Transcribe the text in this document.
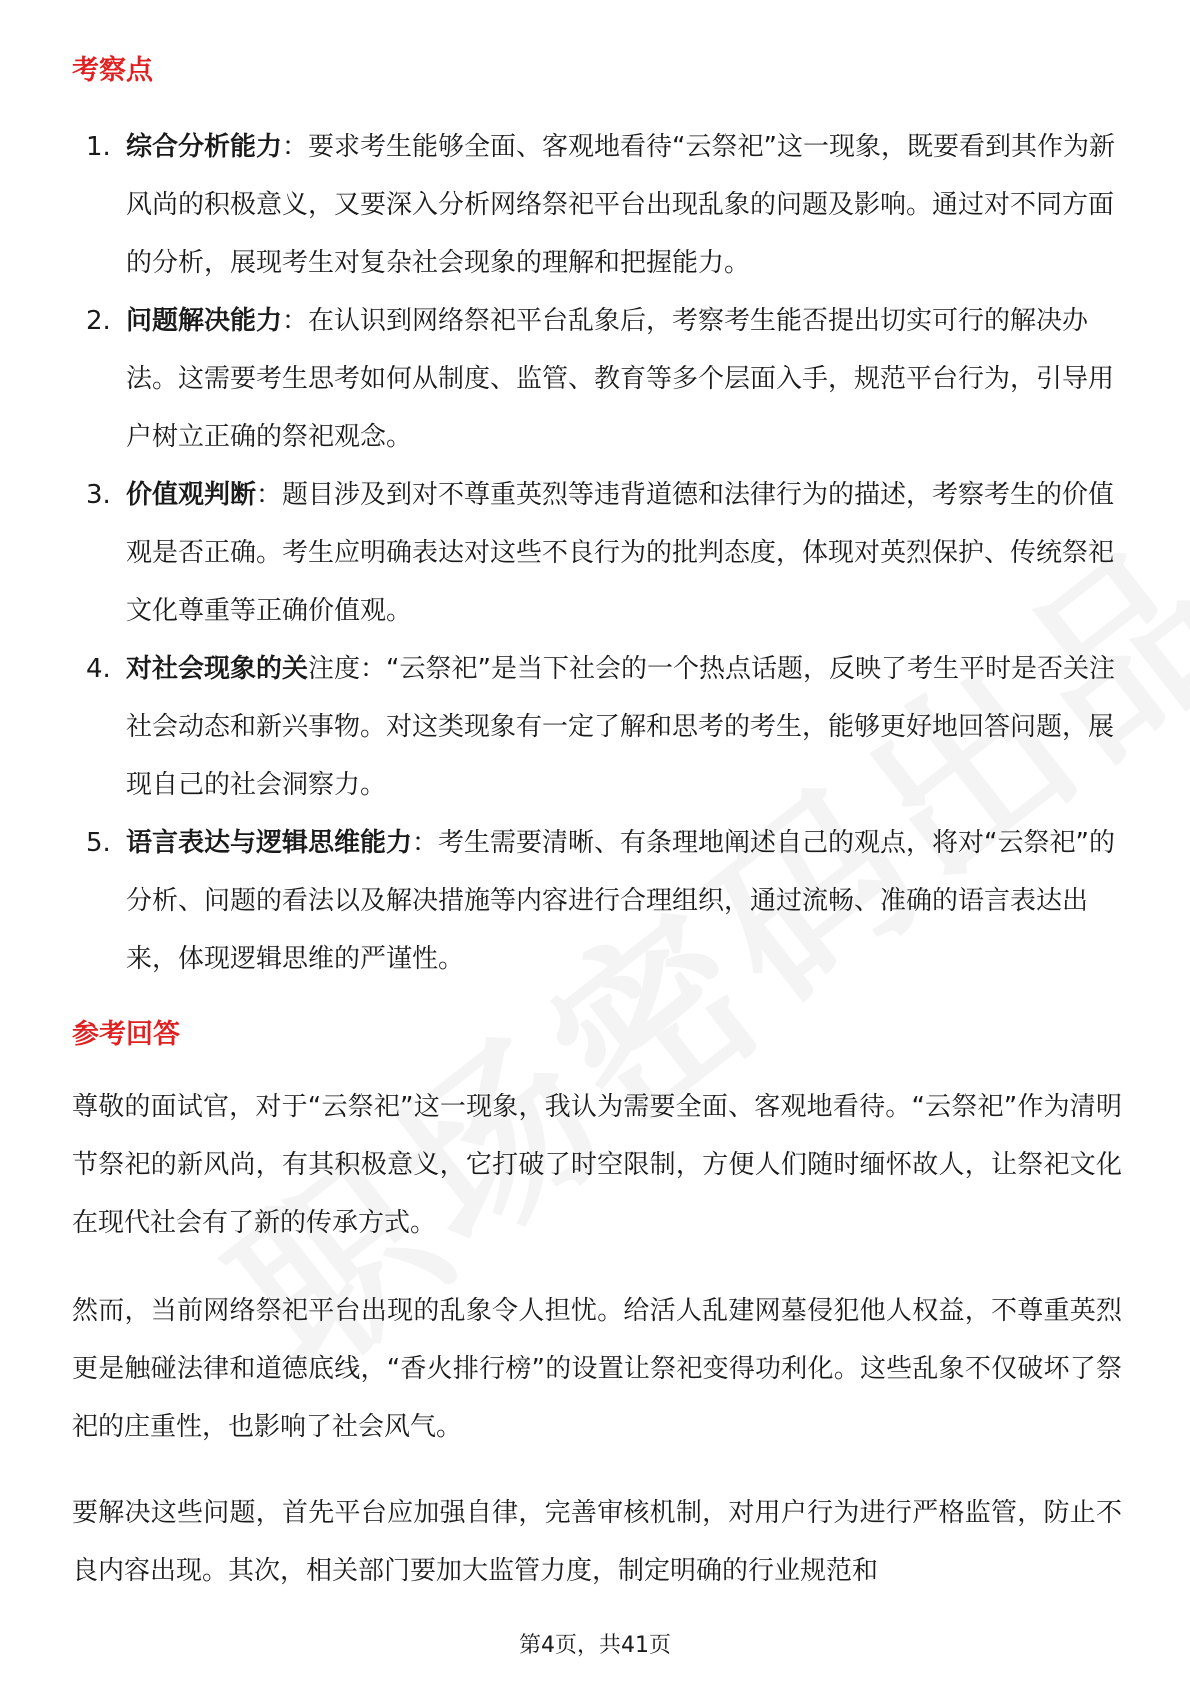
考察点
1. 综合分析能力：要求考生能够全面、客观地看待“云祭祀”这一现象，既要看到其作为新风尚的积极意义，又要深入分析网络祭祀平台出现乱象的问题及影响。通过对不同方面的分析，展现考生对复杂社会现象的理解和把握能力。
2. 问题解决能力：在认识到网络祭祀平台乱象后，考察考生能否提出切实可行的解决办法。这需要考生思考如何从制度、监管、教育等多个层面入手，规范平台行为，引导用户树立正确的祭祀观念。
3. 价值观判断：题目涉及到对不尊重英烈等违背道德和法律行为的描述，考察考生的价值观是否正确。考生应明确表达对这些不良行为的批判态度，体现对英烈保护、传统祭祀文化尊重等正确价值观。
4. 对社会现象的关注度：“云祭祀”是当下社会的一个热点话题，反映了考生平时是否关注社会动态和新兴事物。对这类现象有一定了解和思考的考生，能够更好地回答问题，展现自己的社会洞察力。
5. 语言表达与逻辑思维能力：考生需要清晰、有条理地阐述自己的观点，将对“云祭祀”的分析、问题的看法以及解决措施等内容进行合理组织，通过流畅、准确的语言表达出来，体现逻辑思维的严谨性。
参考回答

尊敬的面试官，对于“云祭祀”这一现象，我认为需要全面、客观地看待。“云祭祀”作为清明节祭祀的新风尚，有其积极意义，它打破了时空限制，方便人们随时缅怀故人，让祭祀文化在现代社会有了新的传承方式。

然而，当前网络祭祀平台出现的乱象令人担忧。给活人乱建网墓侵犯他人权益，不尊重英烈更是触碰法律和道德底线，“香火排行榜”的设置让祭祀变得功利化。这些乱象不仅破坏了祭祀的庄重性，也影响了社会风气。

要解决这些问题，首先平台应加强自律，完善审核机制，对用户行为进行严格监管，防止不良内容出现。其次，相关部门要加大监管力度，制定明确的行业规范和

第4页，共41页
